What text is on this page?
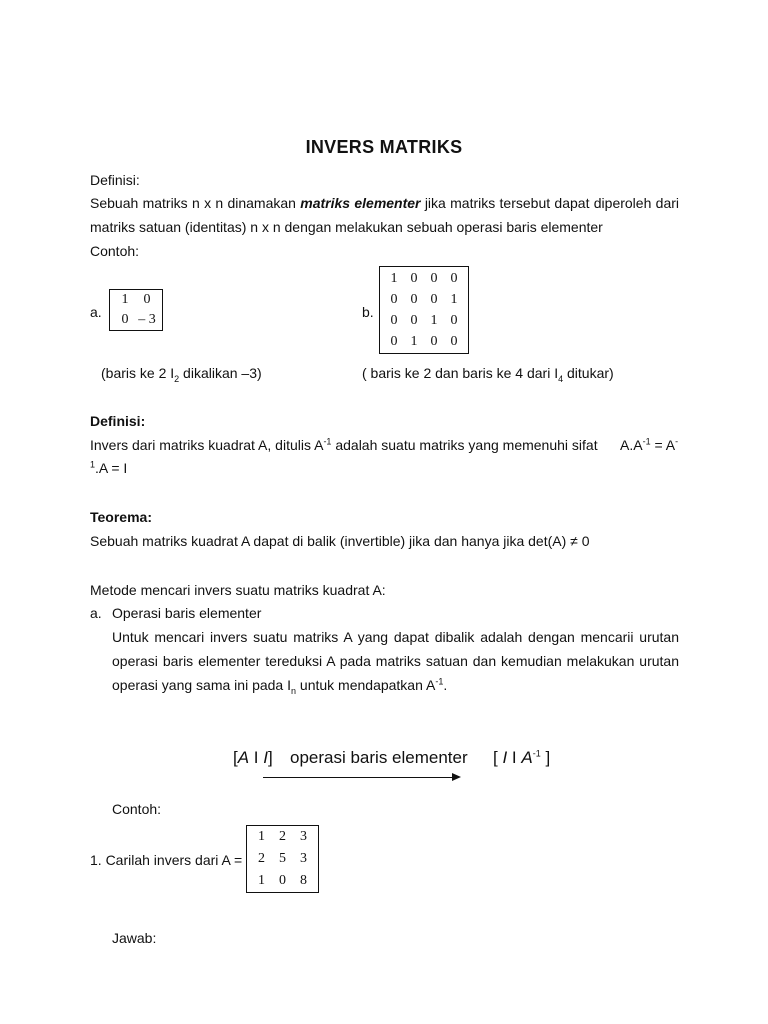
INVERS MATRIKS
Definisi:
Sebuah matriks n x n dinamakan matriks elementer jika matriks tersebut dapat diperoleh dari
matriks satuan (identitas) n x n dengan melakukan sebuah operasi baris elementer
Contoh:
a.
1	0
0	– 3
(baris ke 2 $I_2$ dikalikan –3)
b.
1	0	0	0
0	0	0	1
0	0	1	0
0	1	0	0
( baris ke 2 dan baris ke 4 dari $I_4$ ditukar)
Definisi:
Invers dari matriks kuadrat A, ditulis $A^{-1}$ adalah suatu matriks yang memenuhi sifat $A.A^{-1} = A^-$
$^1$.A = I
Teorema:
Sebuah matriks kuadrat A dapat di balik (invertible) jika dan hanya jika det(A) ≠ 0
Metode mencari invers suatu matriks kuadrat A:
a. Operasi baris elementer
Untuk mencari invers suatu matriks A yang dapat dibalik adalah dengan mencarii urutan
operasi baris elementer tereduksi A pada matriks satuan dan kemudian melakukan urutan
operasi yang sama ini pada $I_n$ untuk mendapatkan $A^{-1}$.
[A I I] operasi baris elementer [ I I $A^{-1}$ ]
Contoh:
1. Carilah invers dari A =
1	2	3
2	5	3
1	0	8
Jawab:
